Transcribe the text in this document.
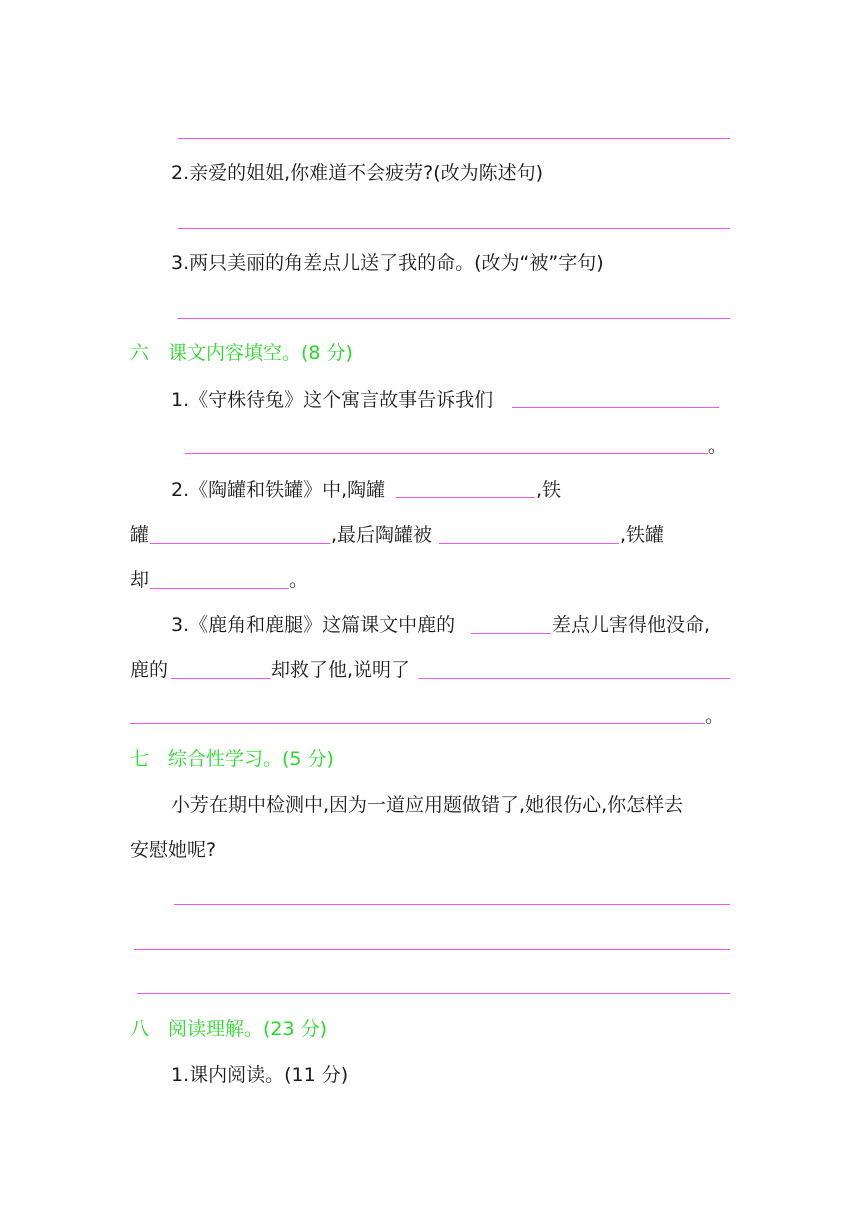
2.亲爱的姐姐,你难道不会疲劳?(改为陈述句)
3.两只美丽的角差点儿送了我的命。(改为“被”字句)
六　课文内容填空。(8 分)
1.《守株待兔》这个寓言故事告诉我们
。
2.《陶罐和铁罐》中,陶罐	,铁
罐	,最后陶罐被	,铁罐
却	。
3.《鹿角和鹿腿》这篇课文中鹿的	差点儿害得他没命,
鹿的	却救了他,说明了
。
七　综合性学习。(5 分)
小芳在期中检测中,因为一道应用题做错了,她很伤心,你怎样去
安慰她呢?
八　阅读理解。(23 分)
1.课内阅读。(11 分)
